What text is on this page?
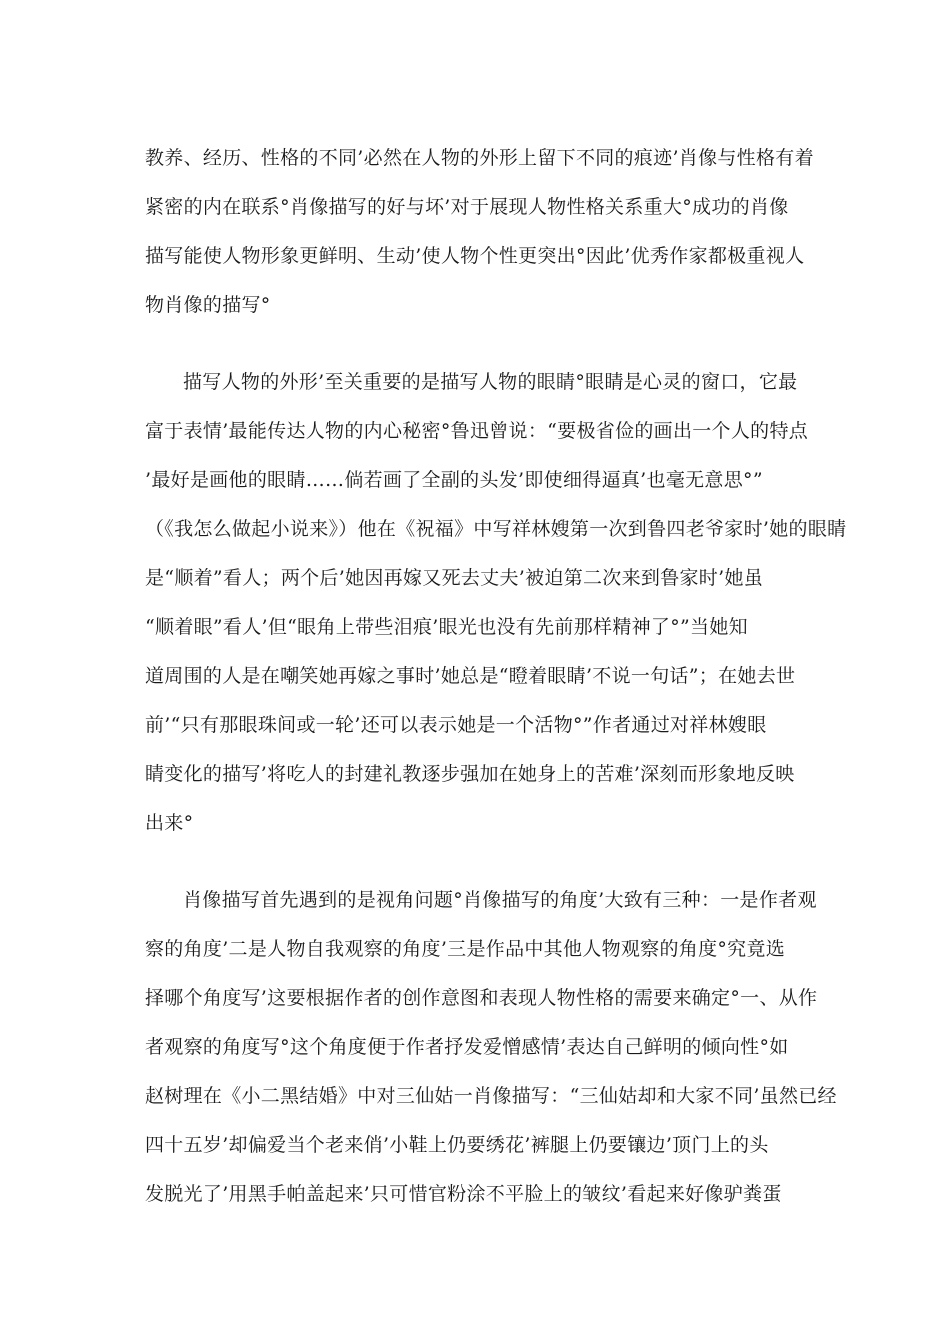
教养、经历、性格的不同’必然在人物的外形上留下不同的痕迹’肖像与性格有着
紧密的内在联系°肖像描写的好与坏’对于展现人物性格关系重大°成功的肖像
描写能使人物形象更鲜明、生动’使人物个性更突出°因此’优秀作家都极重视人
物肖像的描写°
描写人物的外形’至关重要的是描写人物的眼睛°眼睛是心灵的窗口，它最
富于表情’最能传达人物的内心秘密°鲁迅曾说：“要极省俭的画出一个人的特点
’最好是画他的眼睛……倘若画了全副的头发’即使细得逼真’也毫无意思°”
（《我怎么做起小说来》）他在《祝福》中写祥林嫂第一次到鲁四老爷家时’她的眼睛
是“顺着”看人；两个后’她因再嫁又死去丈夫’被迫第二次来到鲁家时’她虽
“顺着眼”看人’但“眼角上带些泪痕’眼光也没有先前那样精神了°”当她知
道周围的人是在嘲笑她再嫁之事时’她总是“瞪着眼睛’不说一句话”；在她去世
前’“只有那眼珠间或一轮’还可以表示她是一个活物°”作者通过对祥林嫂眼
睛变化的描写’将吃人的封建礼教逐步强加在她身上的苦难’深刻而形象地反映
出来°
肖像描写首先遇到的是视角问题°肖像描写的角度’大致有三种：一是作者观
察的角度’二是人物自我观察的角度’三是作品中其他人物观察的角度°究竟选
择哪个角度写’这要根据作者的创作意图和表现人物性格的需要来确定°一、从作
者观察的角度写°这个角度便于作者抒发爱憎感情’表达自己鲜明的倾向性°如
赵树理在《小二黑结婚》中对三仙姑一肖像描写：“三仙姑却和大家不同’虽然已经
四十五岁’却偏爱当个老来俏’小鞋上仍要绣花’裤腿上仍要镶边’顶门上的头
发脱光了’用黑手帕盖起来’只可惜官粉涂不平脸上的皱纹’看起来好像驴粪蛋
